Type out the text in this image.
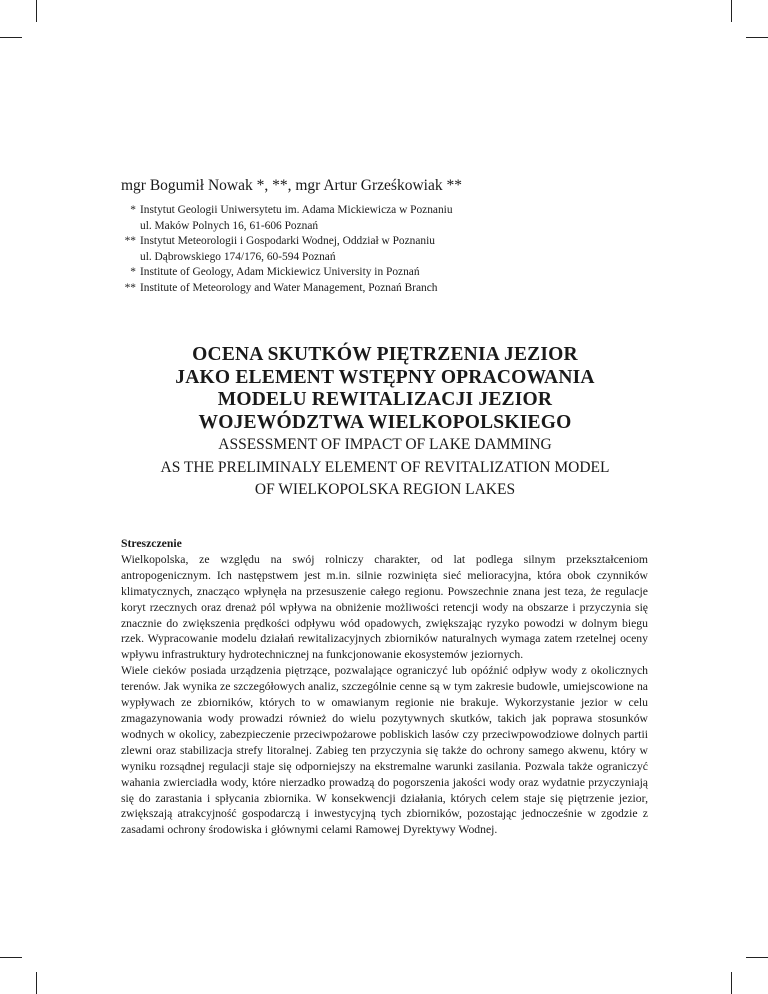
mgr Bogumił Nowak *, **, mgr Artur Grześkowiak **
* Instytut Geologii Uniwersytetu im. Adama Mickiewicza w Poznaniu
ul. Maków Polnych 16, 61-606 Poznań
** Instytut Meteorologii i Gospodarki Wodnej, Oddział w Poznaniu
ul. Dąbrowskiego 174/176, 60-594 Poznań
* Institute of Geology, Adam Mickiewicz University in Poznań
** Institute of Meteorology and Water Management, Poznań Branch
OCENA SKUTKÓW PIĘTRZENIA JEZIOR
JAKO ELEMENT WSTĘPNY OPRACOWANIA
MODELU REWITALIZACJI JEZIOR
WOJEWÓDZTWA WIELKOPOLSKIEGO
ASSESSMENT OF IMPACT OF LAKE DAMMING
AS THE PRELIMINALY ELEMENT OF REVITALIZATION MODEL
OF WIELKOPOLSKA REGION LAKES
Streszczenie

Wielkopolska, ze względu na swój rolniczy charakter, od lat podlega silnym przekształceniom antropogenicznym. Ich następstwem jest m.in. silnie rozwinięta sieć melioracyjna, która obok czynników klimatycznych, znacząco wpłynęła na przesuszenie całego regionu. Powszechnie znana jest teza, że regulacje koryt rzecznych oraz drenaż pól wpływa na obniżenie możliwości retencji wody na obszarze i przyczynia się znacznie do zwiększenia prędkości odpływu wód opadowych, zwiększając ryzyko powodzi w dolnym biegu rzek. Wypracowanie modelu działań rewitalizacyjnych zbiorników naturalnych wymaga zatem rzetelnej oceny wpływu infrastruktury hydrotechnicznej na funkcjonowanie ekosystemów jeziornych.

Wiele cieków posiada urządzenia piętrzące, pozwalające ograniczyć lub opóźnić odpływ wody z okolicznych terenów. Jak wynika ze szczegółowych analiz, szczególnie cenne są w tym zakresie budowle, umiejscowione na wypływach ze zbiorników, których to w omawianym regionie nie brakuje. Wykorzystanie jezior w celu zmagazynowania wody prowadzi również do wielu pozytywnych skutków, takich jak poprawa stosunków wodnych w okolicy, zabezpieczenie przeciwpożarowe pobliskich lasów czy przeciwpowodziowe dolnych partii zlewni oraz stabilizacja strefy litoralnej. Zabieg ten przyczynia się także do ochrony samego akwenu, który w wyniku rozsądnej regulacji staje się odporniejszy na ekstremalne warunki zasilania. Pozwala także ograniczyć wahania zwierciadła wody, które nierzadko prowadzą do pogorszenia jakości wody oraz wydatnie przyczyniają się do zarastania i spłycania zbiornika. W konsekwencji działania, których celem staje się piętrzenie jezior, zwiększają atrakcyjność gospodarczą i inwestycyjną tych zbiorników, pozostając jednocześnie w zgodzie z zasadami ochrony środowiska i głównymi celami Ramowej Dyrektywy Wodnej.
